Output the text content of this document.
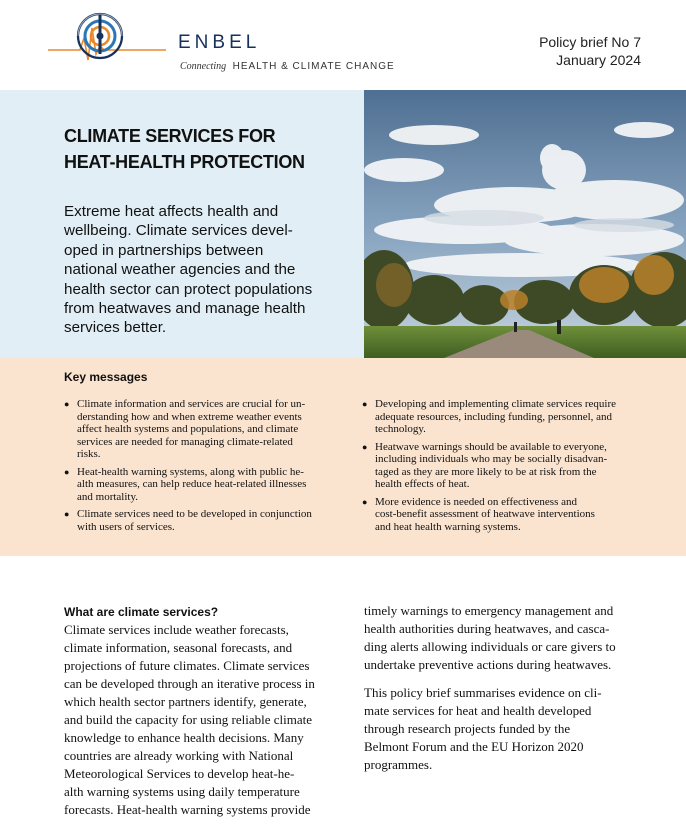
ENBEL
Connecting HEALTH & CLIMATE CHANGE
Policy brief No 7
January 2024
CLIMATE SERVICES FOR
HEAT-HEALTH PROTECTION
Extreme heat affects health and
wellbeing. Climate services devel-
oped in partnerships between
national weather agencies and the
health sector can protect populations
from heatwaves and manage health
services better.
Key messages
● Climate information and services are crucial for un-
derstanding how and when extreme weather events
affect health systems and populations, and climate
services are needed for managing climate-related
risks.
● Heat-health warning systems, along with public he-
alth measures, can help reduce heat-related illnesses
and mortality.
● Climate services need to be developed in conjunction
with users of services.
● Developing and implementing climate services require
adequate resources, including funding, personnel, and
technology.
● Heatwave warnings should be available to everyone,
including individuals who may be socially disadvan-
taged as they are more likely to be at risk from the
health effects of heat.
● More evidence is needed on effectiveness and
cost-benefit assessment of heatwave interventions
and heat health warning systems.
What are climate services?
Climate services include weather forecasts,
climate information, seasonal forecasts, and
projections of future climates. Climate services
can be developed through an iterative process in
which health sector partners identify, generate,
and build the capacity for using reliable climate
knowledge to enhance health decisions. Many
countries are already working with National
Meteorological Services to develop heat-he-
alth warning systems using daily temperature
forecasts. Heat-health warning systems provide
timely warnings to emergency management and
health authorities during heatwaves, and casca-
ding alerts allowing individuals or care givers to
undertake preventive actions during heatwaves.
This policy brief summarises evidence on cli-
mate services for heat and health developed
through research projects funded by the
Belmont Forum and the EU Horizon 2020
programmes.
